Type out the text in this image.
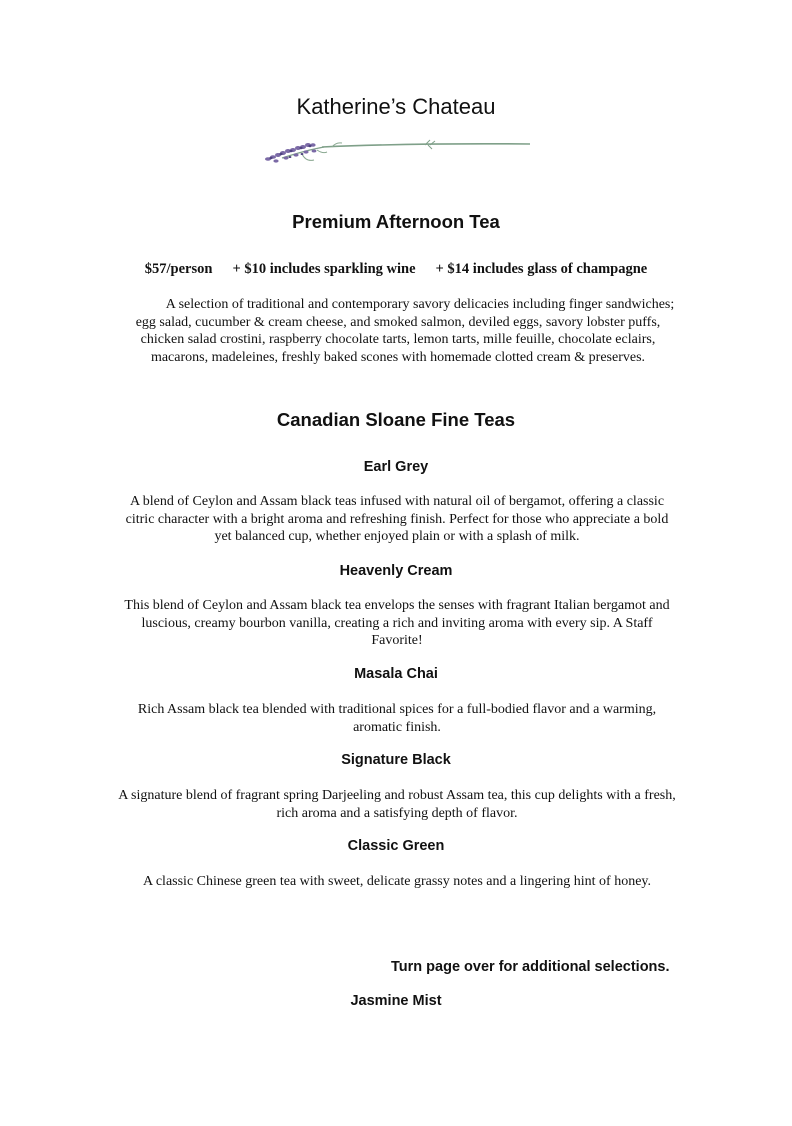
Katherine’s Chateau
Premium Afternoon Tea
$57/person + $10 includes sparkling wine + $14 includes glass of champagne
A selection of traditional and contemporary savory delicacies including finger sandwiches; egg salad, cucumber & cream cheese, and smoked salmon, deviled eggs, savory lobster puffs, chicken salad crostini, raspberry chocolate tarts, lemon tarts, mille feuille, chocolate eclairs, macarons, madeleines, freshly baked scones with homemade clotted cream & preserves.
Canadian Sloane Fine Teas
Earl Grey
A blend of Ceylon and Assam black teas infused with natural oil of bergamot, offering a classic citric character with a bright aroma and refreshing finish. Perfect for those who appreciate a bold yet balanced cup, whether enjoyed plain or with a splash of milk.
Heavenly Cream
This blend of Ceylon and Assam black tea envelops the senses with fragrant Italian bergamot and luscious, creamy bourbon vanilla, creating a rich and inviting aroma with every sip. A Staff Favorite!
Masala Chai
Rich Assam black tea blended with traditional spices for a full-bodied flavor and a warming, aromatic finish.
Signature Black
A signature blend of fragrant spring Darjeeling and robust Assam tea, this cup delights with a fresh, rich aroma and a satisfying depth of flavor.
Classic Green
A classic Chinese green tea with sweet, delicate grassy notes and a lingering hint of honey.
Turn page over for additional selections.
Jasmine Mist
